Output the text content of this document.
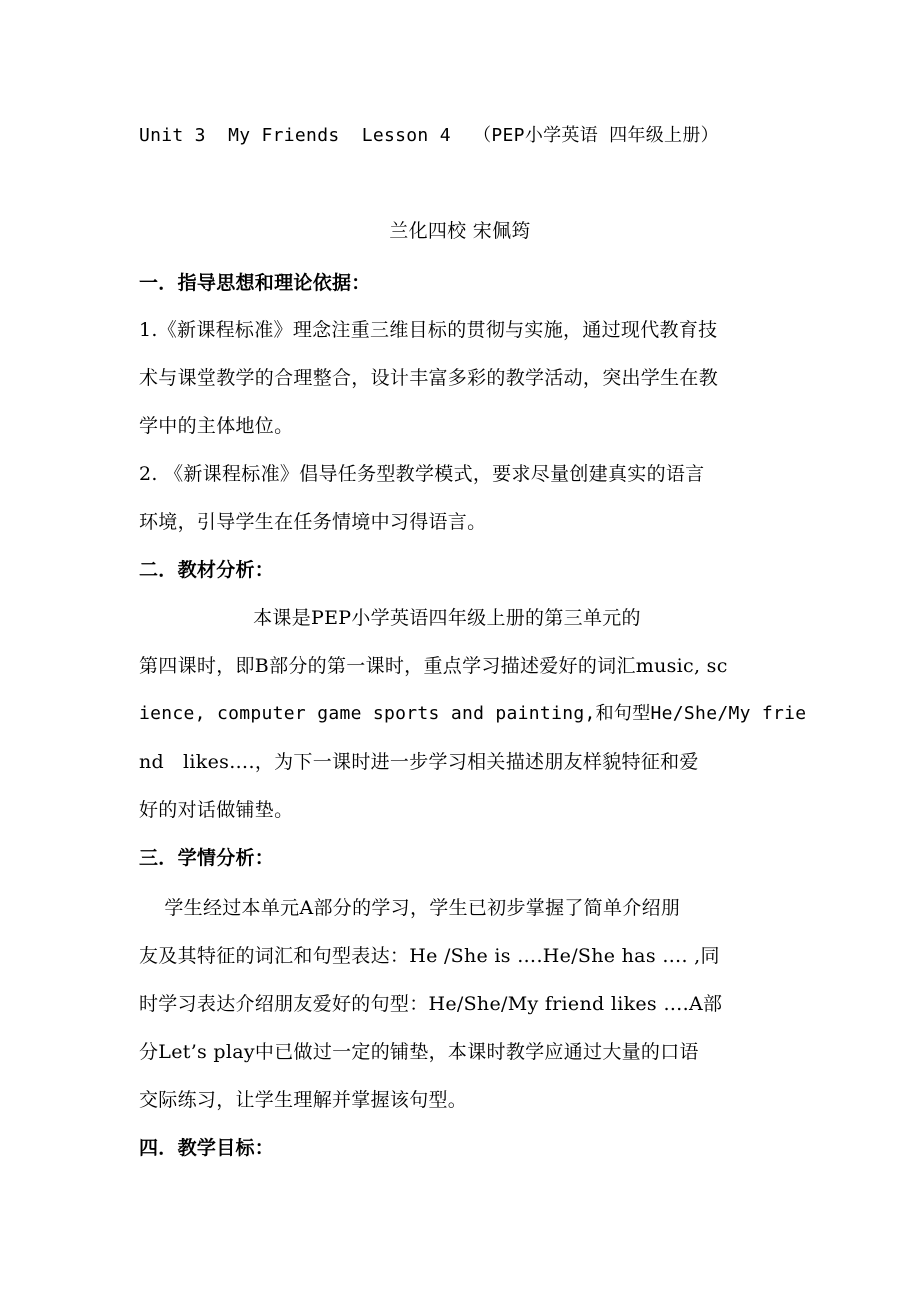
Unit 3  My Friends  Lesson 4  （PEP小学英语 四年级上册）
兰化四校 宋佩筠
一．指导思想和理论依据：
1.《新课程标准》理念注重三维目标的贯彻与实施，通过现代教育技
术与课堂教学的合理整合，设计丰富多彩的教学活动，突出学生在教
学中的主体地位。
2. 《新课程标准》倡导任务型教学模式，要求尽量创建真实的语言
环境，引导学生在任务情境中习得语言。
二．教材分析：
本课是PEP小学英语四年级上册的第三单元的
第四课时，即B部分的第一课时，重点学习描述爱好的词汇music, sc
ience, computer game sports and painting,和句型He/She/My frie
nd   likes….，为下一课时进一步学习相关描述朋友样貌特征和爱
好的对话做铺垫。
三．学情分析：
学生经过本单元A部分的学习，学生已初步掌握了简单介绍朋
友及其特征的词汇和句型表达：He /She is ….He/She has …. ,同
时学习表达介绍朋友爱好的句型：He/She/My friend likes ….A部
分Let’s play中已做过一定的铺垫，本课时教学应通过大量的口语
交际练习，让学生理解并掌握该句型。
四．教学目标：
